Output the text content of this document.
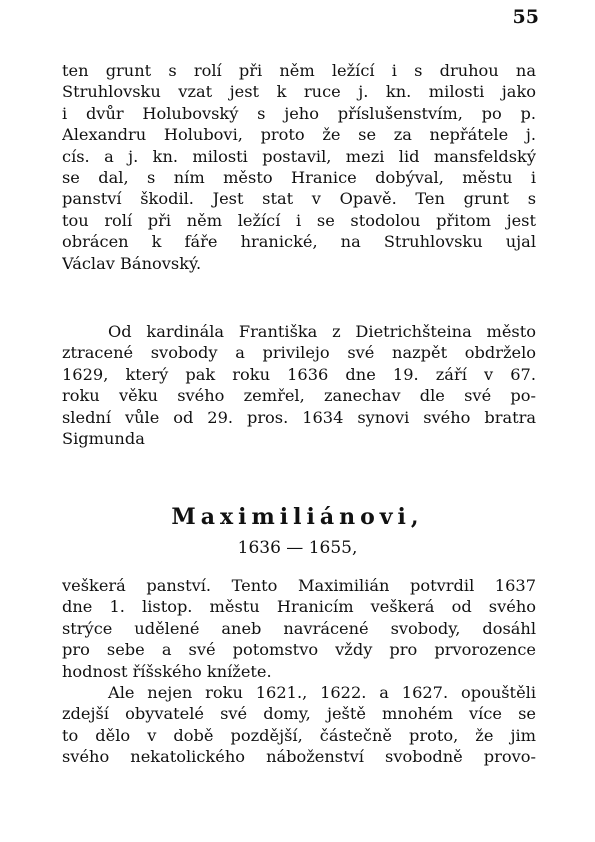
55
ten grunt s rolí při něm ležící i s druhou na
Struhlovsku vzat jest k ruce j. kn. milosti jako
i dvůr Holubovský s jeho příslušenstvím, po p.
Alexandru Holubovi, proto že se za nepřátele j.
cís. a j. kn. milosti postavil, mezi lid mansfeldský
se dal, s ním město Hranice dobýval, městu i
panství škodil. Jest stat v Opavě. Ten grunt s
tou rolí při něm ležící i se stodolou přitom jest
obrácen k fáře hranické, na Struhlovsku ujal
Václav Bánovský.
Od kardinála Františka z Dietrichšteina město
ztracené svobody a privilejo své nazpět obdrželo
1629, který pak roku 1636 dne 19. září v 67.
roku věku svého zemřel, zanechav dle své po-
slední vůle od 29. pros. 1634 synovi svého bratra
Sigmunda
Maximiliánovi,
1636 — 1655,
veškerá panství. Tento Maximilián potvrdil 1637
dne 1. listop. městu Hranicím veškerá od svého
strýce udělené aneb navrácené svobody, dosáhl
pro sebe a své potomstvo vždy pro prvorozence
hodnost říšského knížete.
Ale nejen roku 1621., 1622. a 1627. opouštěli
zdejší obyvatelé své domy, ještě mnohém více se
to dělo v době pozdější, částečně proto, že jim
svého nekatolického náboženství svobodně provo-
